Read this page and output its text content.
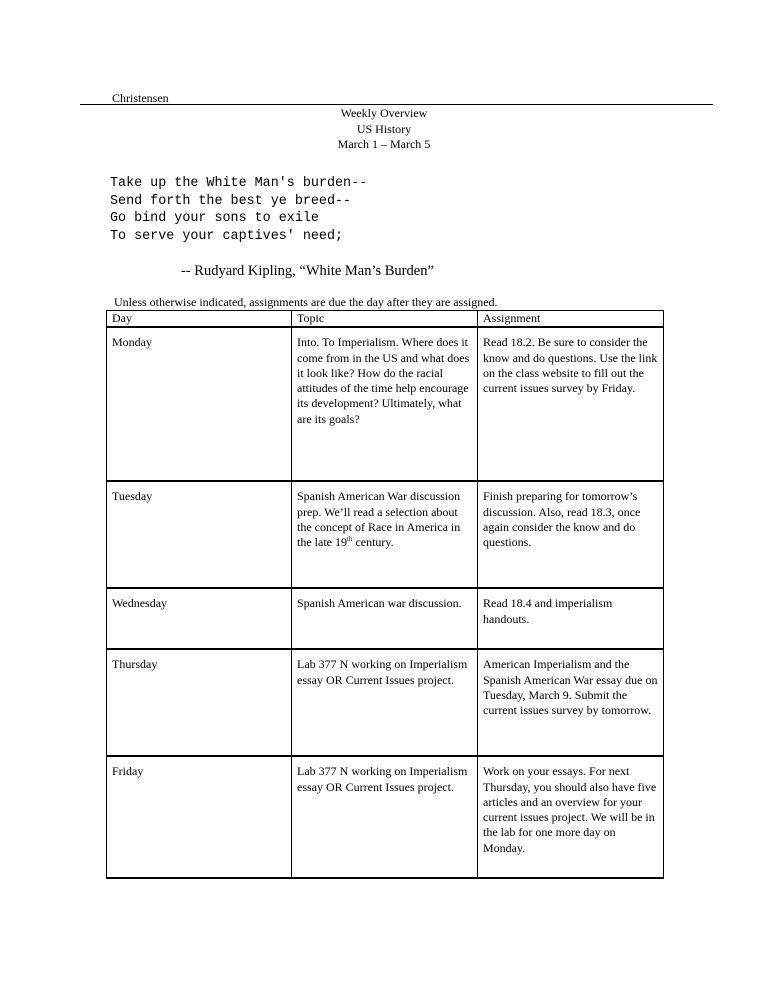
Christensen
Weekly Overview
US History
March 1 – March 5
Take up the White Man's burden--
Send forth the best ye breed--
Go bind your sons to exile
To serve your captives' need;
-- Rudyard Kipling, “White Man’s Burden”
Unless otherwise indicated, assignments are due the day after they are assigned.
Day	Topic	Assignment
Monday	Into. To Imperialism. Where does it come from in the US and what does it look like? How do the racial attitudes of the time help encourage its development? Ultimately, what are its goals?	Read 18.2. Be sure to consider the know and do questions. Use the link on the class website to fill out the current issues survey by Friday.
Tuesday	Spanish American War discussion prep. We’ll read a selection about the concept of Race in America in the late 19th century.	Finish preparing for tomorrow’s discussion. Also, read 18.3, once again consider the know and do questions.
Wednesday	Spanish American war discussion.	Read 18.4 and imperialism handouts.
Thursday	Lab 377 N working on Imperialism essay OR Current Issues project.	American Imperialism and the Spanish American War essay due on Tuesday, March 9. Submit the current issues survey by tomorrow.
Friday	Lab 377 N working on Imperialism essay OR Current Issues project.	Work on your essays. For next Thursday, you should also have five articles and an overview for your current issues project. We will be in the lab for one more day on Monday.
